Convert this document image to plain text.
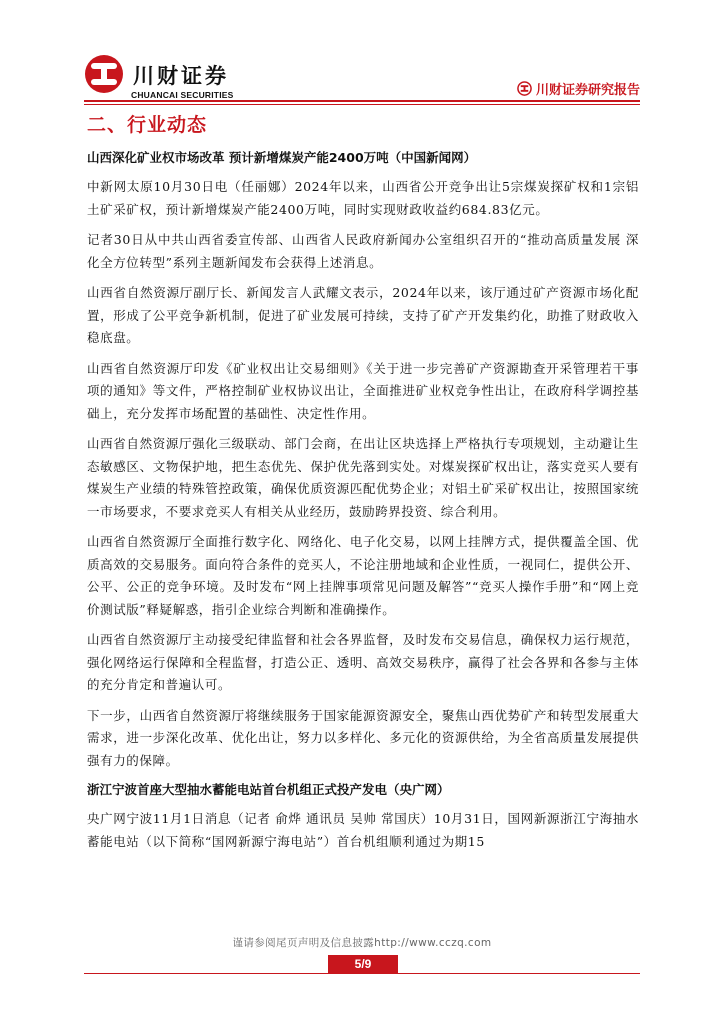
川财证券
CHUANCAI SECURITIES	川财证券研究报告
二、行业动态
山西深化矿业权市场改革 预计新增煤炭产能2400万吨（中国新闻网）

中新网太原10月30日电（任丽娜）2024年以来，山西省公开竞争出让5宗煤炭探矿权和1宗铝土矿采矿权，预计新增煤炭产能2400万吨，同时实现财政收益约684.83亿元。

记者30日从中共山西省委宣传部、山西省人民政府新闻办公室组织召开的“推动高质量发展 深化全方位转型”系列主题新闻发布会获得上述消息。

山西省自然资源厅副厅长、新闻发言人武耀文表示，2024年以来，该厅通过矿产资源市场化配置，形成了公平竞争新机制，促进了矿业发展可持续，支持了矿产开发集约化，助推了财政收入稳底盘。

山西省自然资源厅印发《矿业权出让交易细则》《关于进一步完善矿产资源勘查开采管理若干事项的通知》等文件，严格控制矿业权协议出让，全面推进矿业权竞争性出让，在政府科学调控基础上，充分发挥市场配置的基础性、决定性作用。

山西省自然资源厅强化三级联动、部门会商，在出让区块选择上严格执行专项规划，主动避让生态敏感区、文物保护地，把生态优先、保护优先落到实处。对煤炭探矿权出让，落实竞买人要有煤炭生产业绩的特殊管控政策，确保优质资源匹配优势企业；对铝土矿采矿权出让，按照国家统一市场要求，不要求竞买人有相关从业经历，鼓励跨界投资、综合利用。

山西省自然资源厅全面推行数字化、网络化、电子化交易，以网上挂牌方式，提供覆盖全国、优质高效的交易服务。面向符合条件的竞买人，不论注册地域和企业性质，一视同仁，提供公开、公平、公正的竞争环境。及时发布“网上挂牌事项常见问题及解答”“竞买人操作手册”和“网上竞价测试版”释疑解惑，指引企业综合判断和准确操作。

山西省自然资源厅主动接受纪律监督和社会各界监督，及时发布交易信息，确保权力运行规范，强化网络运行保障和全程监督，打造公正、透明、高效交易秩序，赢得了社会各界和各参与主体的充分肯定和普遍认可。

下一步，山西省自然资源厅将继续服务于国家能源资源安全，聚焦山西优势矿产和转型发展重大需求，进一步深化改革、优化出让，努力以多样化、多元化的资源供给，为全省高质量发展提供强有力的保障。

浙江宁波首座大型抽水蓄能电站首台机组正式投产发电（央广网）

央广网宁波11月1日消息（记者 俞烨 通讯员 吴帅 常国庆）10月31日，国网新源浙江宁海抽水蓄能电站（以下简称“国网新源宁海电站”）首台机组顺利通过为期15

谨请参阅尾页声明及信息披露http://www.cczq.com
5/9
